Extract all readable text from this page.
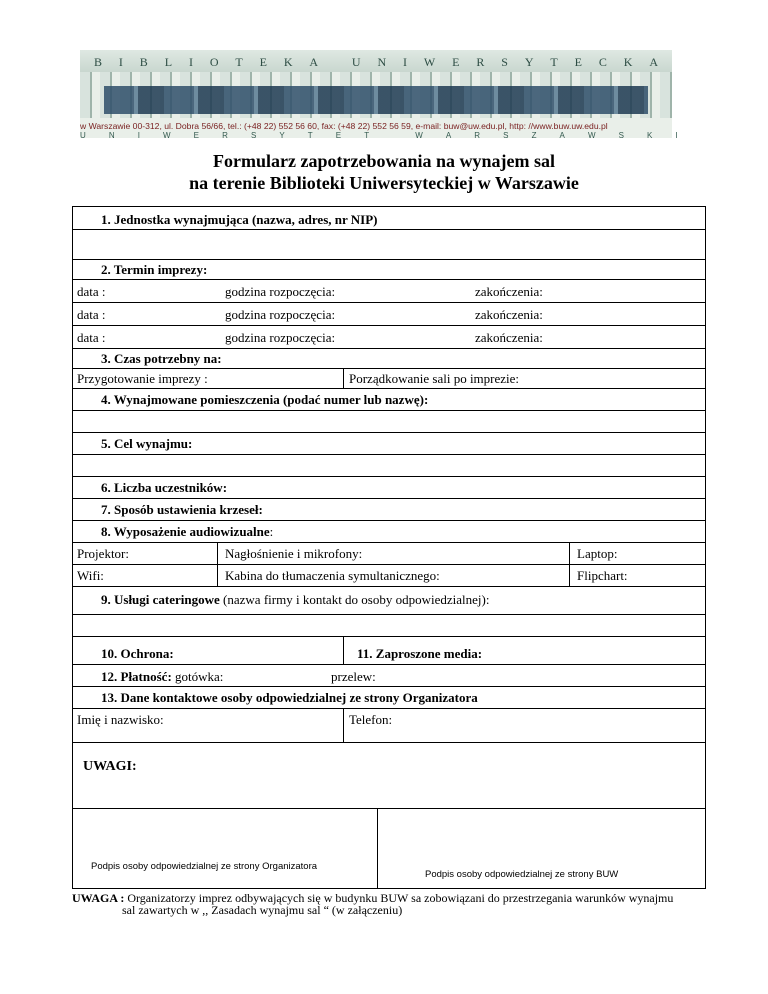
B I B L I O T E K A	U N I W E R S Y T E C K A
w Warszawie 00-312, ul. Dobra 56/66, tel.: (+48 22) 552 56 60, fax: (+48 22) 552 56 59, e-mail: buw@uw.edu.pl, http: //www.buw.uw.edu.pl
U	N	I	W	E	R	S	Y	T	E	T	W	A	R	S	Z	A	W	S	K	I
Formularz zapotrzebowania na wynajem sal
na terenie Biblioteki Uniwersyteckiej w Warszawie
1. Jednostka wynajmująca (nazwa, adres, nr NIP)
2. Termin imprezy:
data :	godzina rozpoczęcia:	zakończenia:
data :	godzina rozpoczęcia:	zakończenia:
data :	godzina rozpoczęcia:	zakończenia:
3. Czas potrzebny na:
Przygotowanie imprezy :	Porządkowanie sali po imprezie:
4. Wynajmowane pomieszczenia (podać numer lub nazwę):
5. Cel wynajmu:
6. Liczba uczestników:
7. Sposób ustawienia krzeseł:
8. Wyposażenie audiowizualne:
Projektor:	Nagłośnienie i mikrofony:	Laptop:
Wifi:	Kabina do tłumaczenia symultanicznego:	Flipchart:
9. Usługi cateringowe (nazwa firmy i kontakt do osoby odpowiedzialnej):
10. Ochrona:	11. Zaproszone media:
12. Płatność: gotówka:	przelew:
13. Dane kontaktowe osoby odpowiedzialnej ze strony Organizatora
Imię i nazwisko:	Telefon:
UWAGI:
Podpis osoby odpowiedzialnej ze strony Organizatora
Podpis osoby odpowiedzialnej ze strony BUW
UWAGA : Organizatorzy imprez odbywających się w budynku BUW sa zobowiązani do przestrzegania warunków wynajmu
sal zawartych w ,, Zasadach wynajmu sal “ (w załączeniu)
